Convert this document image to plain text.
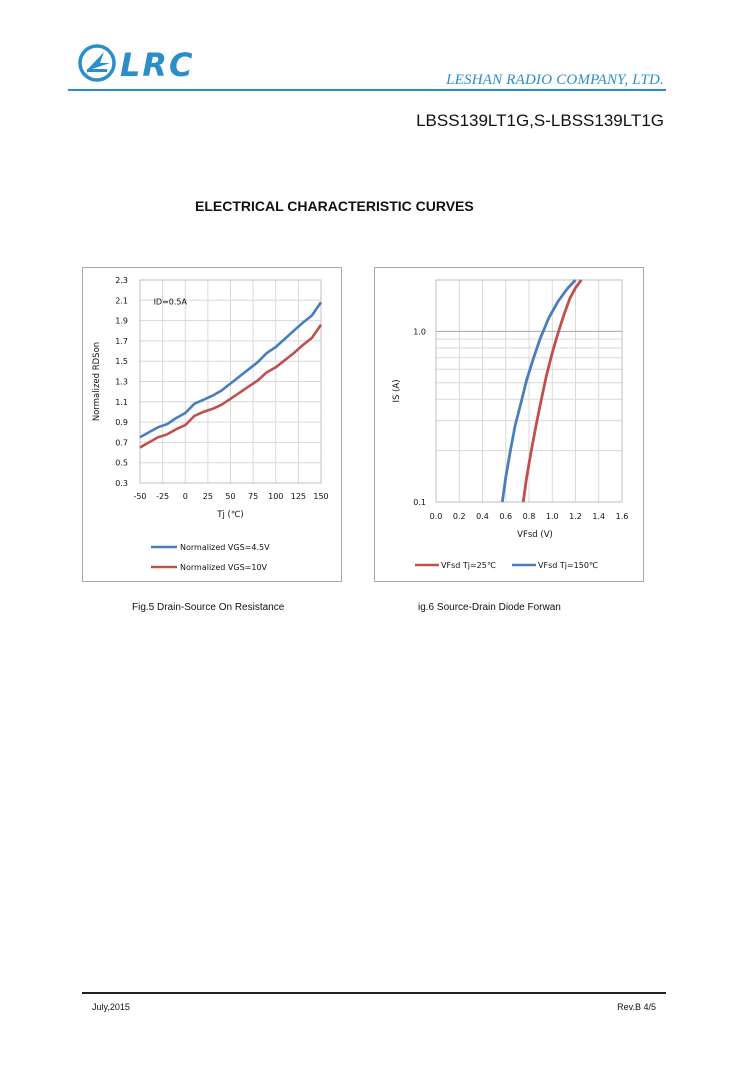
LRC	LESHAN RADIO COMPANY, LTD.
LBSS139LT1G,S-LBSS139LT1G
ELECTRICAL CHARACTERISTIC CURVES
-50 -25 0 25 50 75 100 125 150
2.3
2.1
1.9
1.7
1.5
1.3
1.1
0.9
0.7
0.5
0.3
Tj (℃)
Normalized RDSon
ID=0.5A
Normalized VGS=4.5V
Normalized VGS=10V
Fig.5 Drain-Source On Resistance
0.0 0.2 0.4 0.6 0.8 1.0 1.2 1.4 1.6
1.0
0.1
VFsd (V)
IS (A)
VFsd Tj=25℃	VFsd Tj=150℃
ig.6 Source-Drain Diode Forwan
July,2015	Rev.B 4/5
